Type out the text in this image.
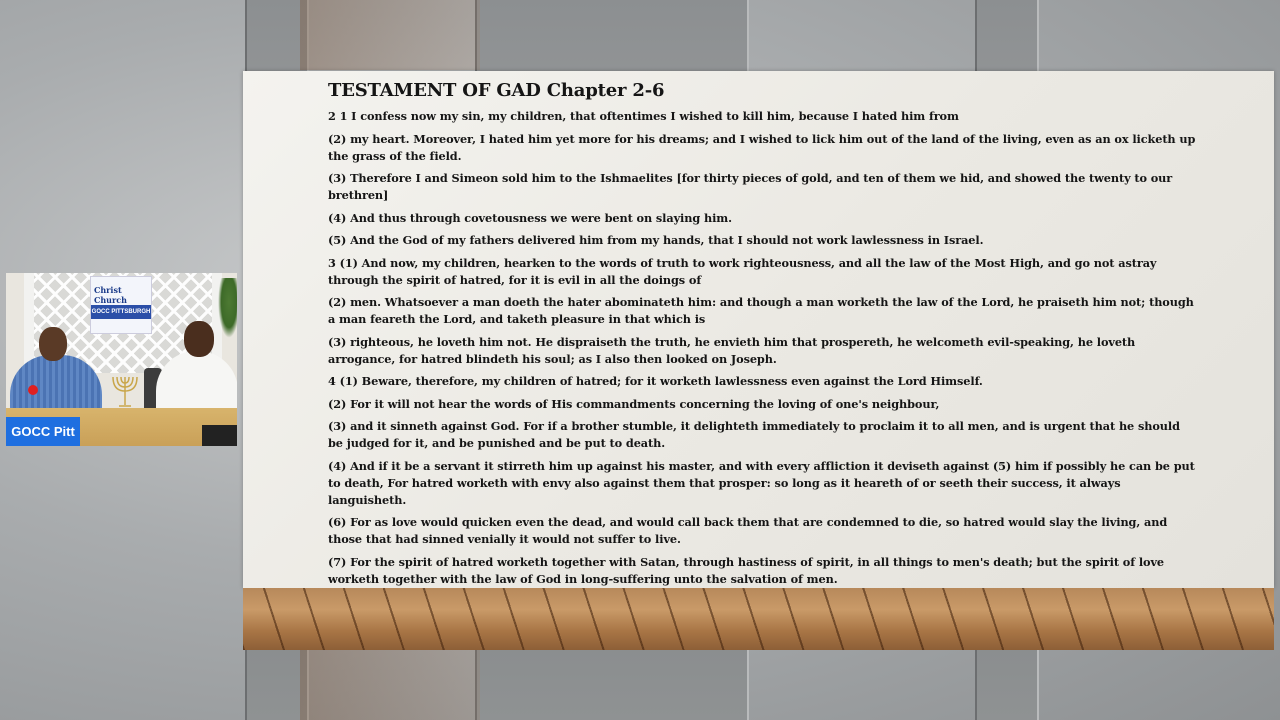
TESTAMENT OF GAD Chapter 2-6
2 1 I confess now my sin, my children, that oftentimes I wished to kill him, because I hated him from
(2) my heart. Moreover, I hated him yet more for his dreams; and I wished to lick him out of the land of the living, even as an ox licketh up the grass of the field.
(3) Therefore I and Simeon sold him to the Ishmaelites [for thirty pieces of gold, and ten of them we hid, and showed the twenty to our brethren]
(4) And thus through covetousness we were bent on slaying him.
(5) And the God of my fathers delivered him from my hands, that I should not work lawlessness in Israel.
3 (1) And now, my children, hearken to the words of truth to work righteousness, and all the law of the Most High, and go not astray through the spirit of hatred, for it is evil in all the doings of
(2) men. Whatsoever a man doeth the hater abominateth him: and though a man worketh the law of the Lord, he praiseth him not; though a man feareth the Lord, and taketh pleasure in that which is
(3) righteous, he loveth him not. He dispraiseth the truth, he envieth him that prospereth, he welcometh evil-speaking, he loveth arrogance, for hatred blindeth his soul; as I also then looked on Joseph.
4 (1) Beware, therefore, my children of hatred; for it worketh lawlessness even against the Lord Himself.
(2) For it will not hear the words of His commandments concerning the loving of one's neighbour,
(3) and it sinneth against God. For if a brother stumble, it delighteth immediately to proclaim it to all men, and is urgent that he should be judged for it, and be punished and be put to death.
(4) And if it be a servant it stirreth him up against his master, and with every affliction it deviseth against (5) him if possibly he can be put to death, For hatred worketh with envy also against them that prosper: so long as it heareth of or seeth their success, it always languisheth.
(6) For as love would quicken even the dead, and would call back them that are condemned to die, so hatred would slay the living, and those that had sinned venially it would not suffer to live.
(7) For the spirit of hatred worketh together with Satan, through hastiness of spirit, in all things to men's death; but the spirit of love worketh together with the law of God in long-suffering unto the salvation of men.
Christ Church
GOCC PITTSBURGH
GOCC Pitt
